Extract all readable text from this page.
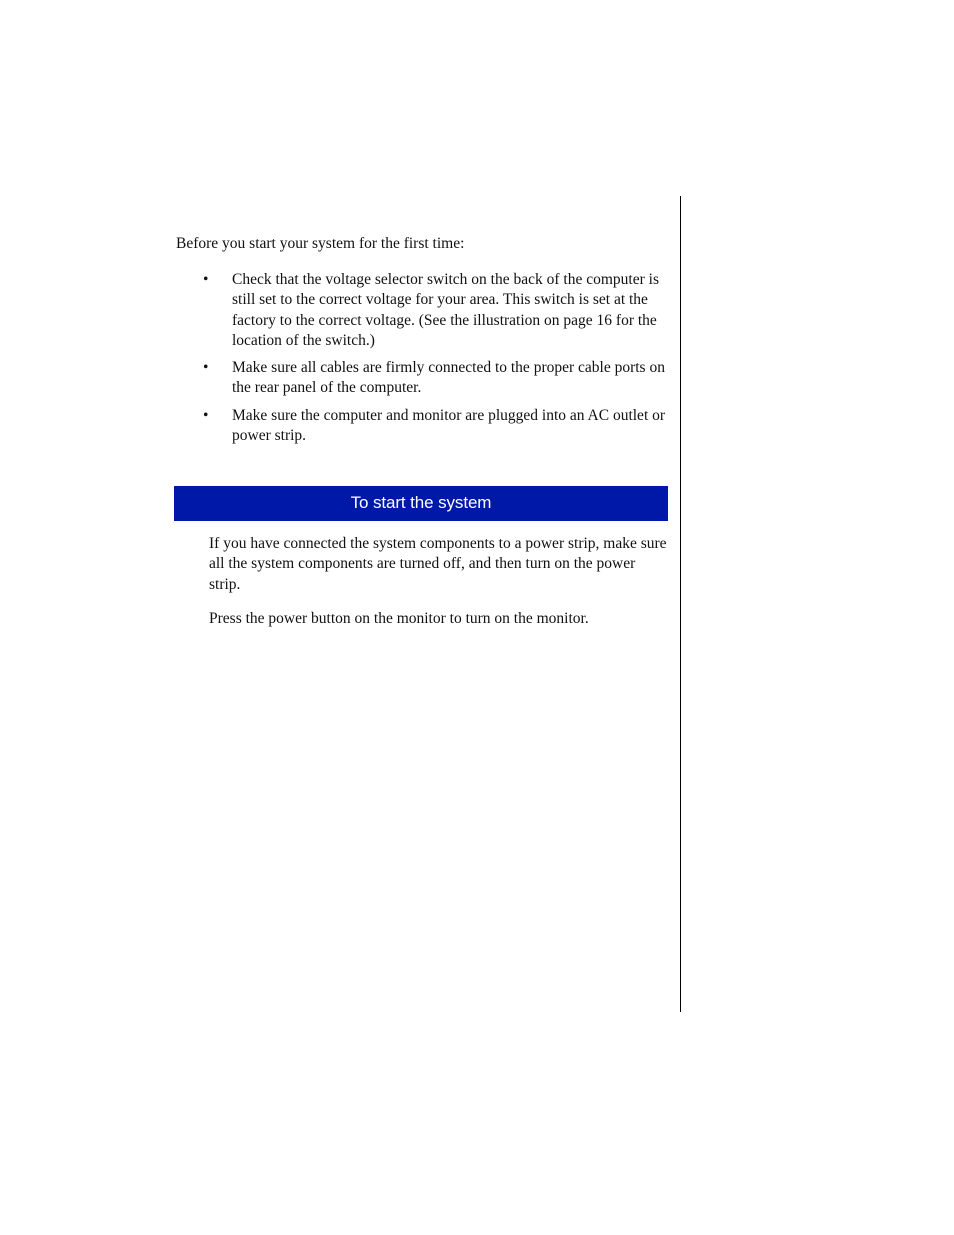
Before you start your system for the first time:

• Check that the voltage selector switch on the back of the computer is still set to the correct voltage for your area. This switch is set at the factory to the correct voltage. (See the illustration on page 16 for the location of the switch.)
• Make sure all cables are firmly connected to the proper cable ports on the rear panel of the computer.
• Make sure the computer and monitor are plugged into an AC outlet or power strip.
To start the system

If you have connected the system components to a power strip, make sure all the system components are turned off, and then turn on the power strip.

Press the power button on the monitor to turn on the monitor.
